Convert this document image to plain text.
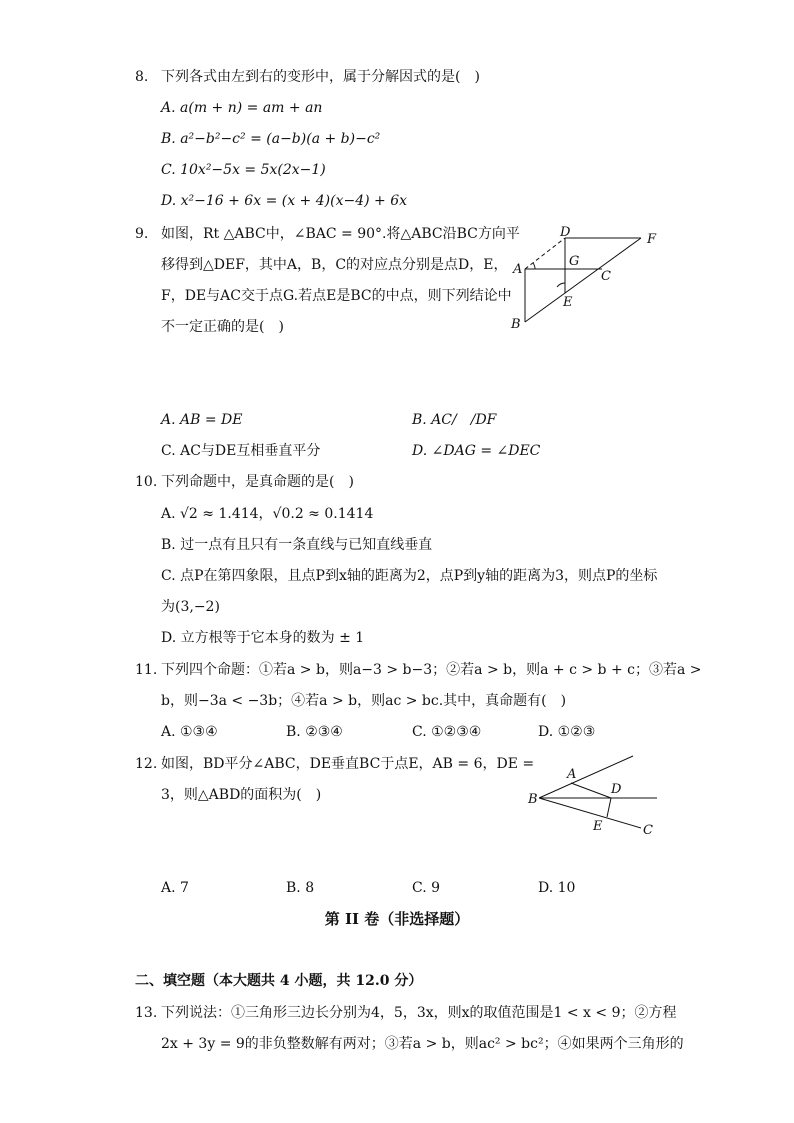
8. 下列各式由左到右的变形中，属于分解因式的是(　)
A. a(m + n) = am + an
B. a²−b²−c² = (a−b)(a + b)−c²
C. 10x²−5x = 5x(2x−1)
D. x²−16 + 6x = (x + 4)(x−4) + 6x
9. 如图，Rt △ABC中，∠BAC = 90°.将△ABC沿BC方向平
移得到△DEF，其中A，B，C的对应点分别是点D，E，
F，DE与AC交于点G.若点E是BC的中点，则下列结论中
不一定正确的是(　)
A
B
C
D
E
F
G
A. AB = DE	B. AC/　/DF
C. AC与DE互相垂直平分	D. ∠DAG = ∠DEC
10. 下列命题中，是真命题的是(　)
A. √2 ≈ 1.414，√0.2 ≈ 0.1414
B. 过一点有且只有一条直线与已知直线垂直
C. 点P在第四象限，且点P到x轴的距离为2，点P到y轴的距离为3，则点P的坐标
为(3,−2)
D. 立方根等于它本身的数为 ± 1
11. 下列四个命题：①若a > b，则a−3 > b−3；②若a > b，则a + c > b + c；③若a >
b，则−3a < −3b；④若a > b，则ac > bc.其中，真命题有(　)
A. ①③④	B. ②③④	C. ①②③④	D. ①②③
12. 如图，BD平分∠ABC，DE垂直BC于点E，AB = 6，DE =
3，则△ABD的面积为(　)
A
B
C
D
E
A. 7	B. 8	C. 9	D. 10
第 II 卷（非选择题）
二、填空题（本大题共 4 小题，共 12.0 分）
13. 下列说法：①三角形三边长分别为4，5，3x，则x的取值范围是1 < x < 9；②方程
2x + 3y = 9的非负整数解有两对；③若a > b，则ac² > bc²；④如果两个三角形的
